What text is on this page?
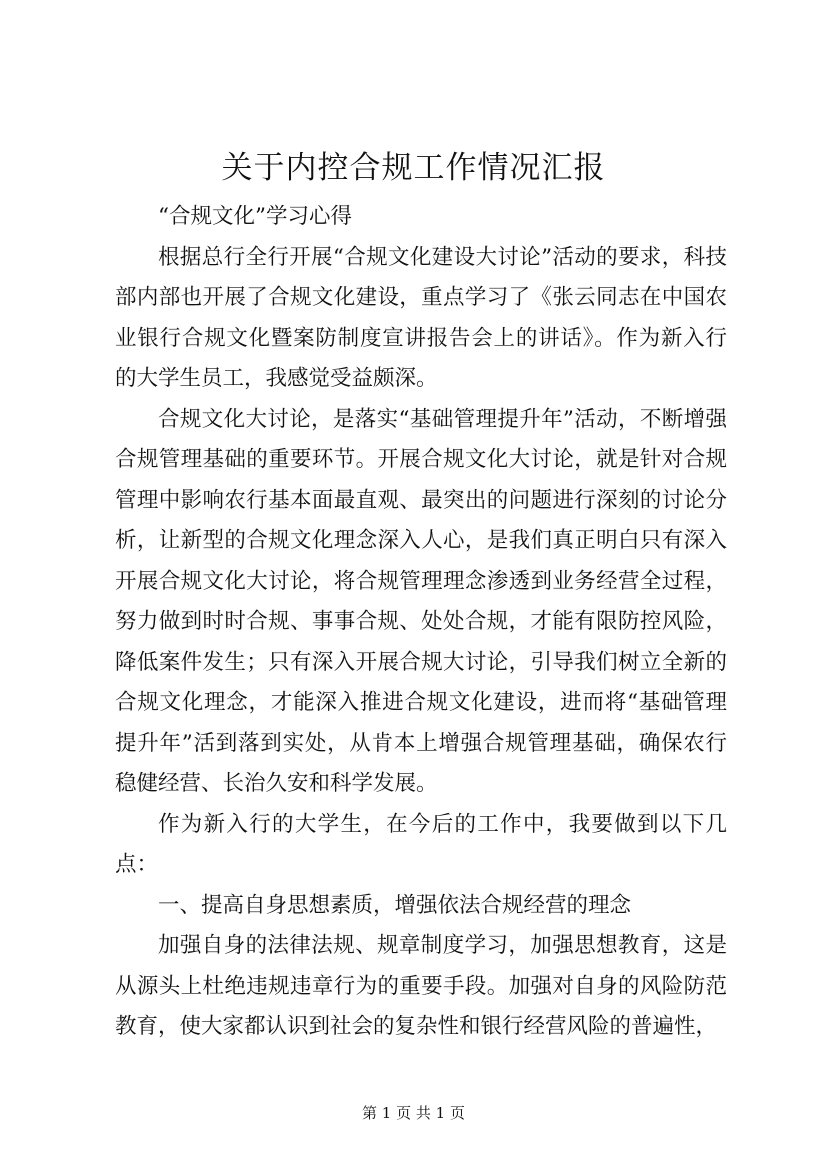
关于内控合规工作情况汇报

“合规文化”学习心得

根据总行全行开展“合规文化建设大讨论”活动的要求，科技部内部也开展了合规文化建设，重点学习了《张云同志在中国农业银行合规文化暨案防制度宣讲报告会上的讲话》。作为新入行的大学生员工，我感觉受益颇深。

合规文化大讨论，是落实“基础管理提升年”活动，不断增强合规管理基础的重要环节。开展合规文化大讨论，就是针对合规管理中影响农行基本面最直观、最突出的问题进行深刻的讨论分析，让新型的合规文化理念深入人心，是我们真正明白只有深入开展合规文化大讨论，将合规管理理念渗透到业务经营全过程，努力做到时时合规、事事合规、处处合规，才能有限防控风险，降低案件发生；只有深入开展合规大讨论，引导我们树立全新的合规文化理念，才能深入推进合规文化建设，进而将“基础管理提升年”活到落到实处，从肯本上增强合规管理基础，确保农行稳健经营、长治久安和科学发展。

作为新入行的大学生，在今后的工作中，我要做到以下几点：

一、提高自身思想素质，增强依法合规经营的理念

加强自身的法律法规、规章制度学习，加强思想教育，这是从源头上杜绝违规违章行为的重要手段。加强对自身的风险防范教育，使大家都认识到社会的复杂性和银行经营风险的普遍性，

第 1 页 共 1 页
